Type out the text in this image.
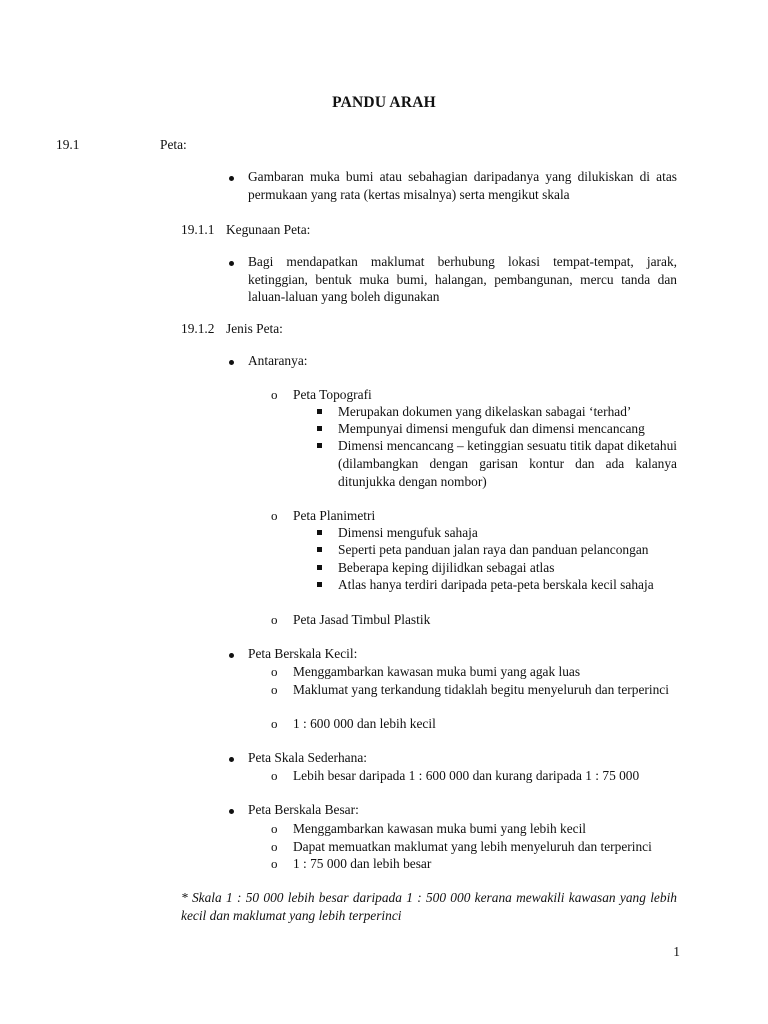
PANDU ARAH
19.1	Peta:
Gambaran muka bumi atau sebahagian daripadanya yang dilukiskan di atas permukaan yang rata (kertas misalnya) serta mengikut skala
19.1.1 Kegunaan Peta:
Bagi mendapatkan maklumat berhubung lokasi tempat-tempat, jarak, ketinggian, bentuk muka bumi, halangan, pembangunan, mercu tanda dan laluan-laluan yang boleh digunakan
19.1.2 Jenis Peta:
Antaranya:
o Peta Topografi
Merupakan dokumen yang dikelaskan sabagai ‘terhad’
Mempunyai dimensi mengufuk dan dimensi mencancang
Dimensi mencancang – ketinggian sesuatu titik dapat diketahui (dilambangkan dengan garisan kontur dan ada kalanya ditunjukka dengan nombor)
o Peta Planimetri
Dimensi mengufuk sahaja
Seperti peta panduan jalan raya dan panduan pelancongan
Beberapa keping dijilidkan sebagai atlas
Atlas hanya terdiri daripada peta-peta berskala kecil sahaja
o Peta Jasad Timbul Plastik
Peta Berskala Kecil:
o Menggambarkan kawasan muka bumi yang agak luas
o Maklumat yang terkandung tidaklah begitu menyeluruh dan terperinci
o 1 : 600 000 dan lebih kecil
Peta Skala Sederhana:
o Lebih besar daripada 1 : 600 000 dan kurang daripada 1 : 75 000
Peta Berskala Besar:
o Menggambarkan kawasan muka bumi yang lebih kecil
o Dapat memuatkan maklumat yang lebih menyeluruh dan terperinci
o 1 : 75 000 dan lebih besar
* Skala 1 : 50 000 lebih besar daripada 1 : 500 000 kerana mewakili kawasan yang lebih kecil dan maklumat yang lebih terperinci
1
